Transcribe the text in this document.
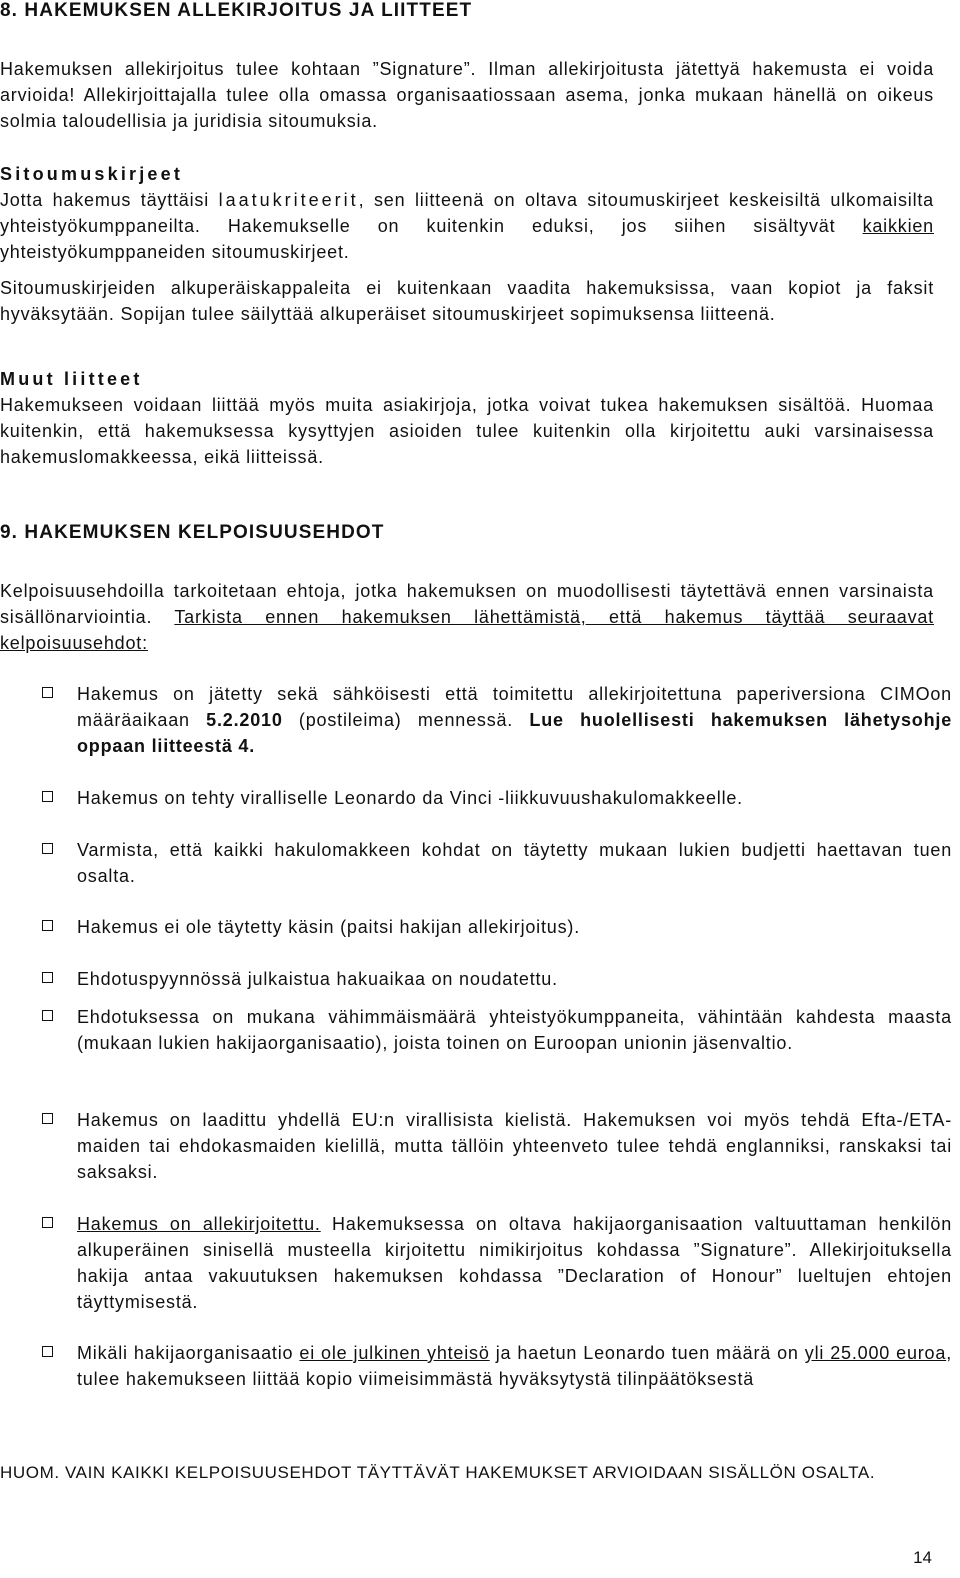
8. HAKEMUKSEN ALLEKIRJOITUS JA LIITTEET

Hakemuksen allekirjoitus tulee kohtaan ”Signature”. Ilman allekirjoitusta jätettyä hakemusta ei voida arvioida! Allekirjoittajalla tulee olla omassa organisaatiossaan asema, jonka mukaan hänellä on oikeus solmia taloudellisia ja juridisia sitoumuksia.

Sitoumuskirjeet
Jotta hakemus täyttäisi laatukriteerit, sen liitteenä on oltava sitoumuskirjeet keskeisiltä ulkomaisilta yhteistyökumppaneilta. Hakemukselle on kuitenkin eduksi, jos siihen sisältyvät kaikkien yhteistyökumppaneiden sitoumuskirjeet.

Sitoumuskirjeiden alkuperäiskappaleita ei kuitenkaan vaadita hakemuksissa, vaan kopiot ja faksit hyväksytään. Sopijan tulee säilyttää alkuperäiset sitoumuskirjeet sopimuksensa liitteenä.

Muut liitteet
Hakemukseen voidaan liittää myös muita asiakirjoja, jotka voivat tukea hakemuksen sisältöä. Huomaa kuitenkin, että hakemuksessa kysyttyjen asioiden tulee kuitenkin olla kirjoitettu auki varsinaisessa hakemuslomakkeessa, eikä liitteissä.

9. HAKEMUKSEN KELPOISUUSEHDOT

Kelpoisuusehdoilla tarkoitetaan ehtoja, jotka hakemuksen on muodollisesti täytettävä ennen varsinaista sisällönarviointia. Tarkista ennen hakemuksen lähettämistä, että hakemus täyttää seuraavat kelpoisuusehdot:

Hakemus on jätetty sekä sähköisesti että toimitettu allekirjoitettuna paperiversiona CIMOon määräaikaan 5.2.2010 (postileima) mennessä. Lue huolellisesti hakemuksen lähetysohje oppaan liitteestä 4.
Hakemus on tehty viralliselle Leonardo da Vinci -liikkuvuushakulomakkeelle.
Varmista, että kaikki hakulomakkeen kohdat on täytetty mukaan lukien budjetti haettavan tuen osalta.
Hakemus ei ole täytetty käsin (paitsi hakijan allekirjoitus).
Ehdotuspyynnössä julkaistua hakuaikaa on noudatettu.
Ehdotuksessa on mukana vähimmäismäärä yhteistyökumppaneita, vähintään kahdesta maasta (mukaan lukien hakijaorganisaatio), joista toinen on Euroopan unionin jäsenvaltio.
Hakemus on laadittu yhdellä EU:n virallisista kielistä. Hakemuksen voi myös tehdä Efta-/ETA-maiden tai ehdokasmaiden kielillä, mutta tällöin yhteenveto tulee tehdä englanniksi, ranskaksi tai saksaksi.
Hakemus on allekirjoitettu. Hakemuksessa on oltava hakijaorganisaation valtuuttaman henkilön alkuperäinen sinisellä musteella kirjoitettu nimikirjoitus kohdassa ”Signature”. Allekirjoituksella hakija antaa vakuutuksen hakemuksen kohdassa ”Declaration of Honour” lueltujen ehtojen täyttymisestä.
Mikäli hakijaorganisaatio ei ole julkinen yhteisö ja haetun Leonardo tuen määrä on yli 25.000 euroa, tulee hakemukseen liittää kopio viimeisimmästä hyväksytystä tilinpäätöksestä

HUOM. VAIN KAIKKI KELPOISUUSEHDOT TÄYTTÄVÄT HAKEMUKSET ARVIOIDAAN SISÄLLÖN OSALTA.

14
